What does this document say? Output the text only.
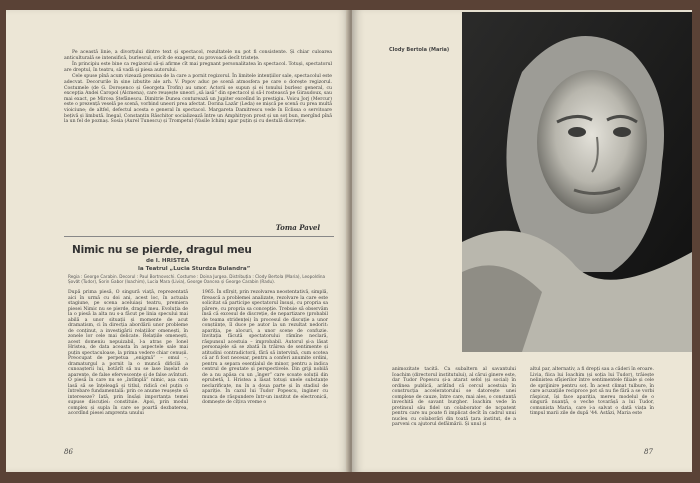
Pe această linie, a divorțului dintre text și spectacol, rezultatele nu pot fi consistente. Și chiar culoarea anticulturală se intensifică, burlescul, oricît de exagerat, nu provoacă decît tristețe.

În principiu este bine ca regizorul să-și afirme cît mai pregnant personalitatea în spectacol. Totuși, spectatorul are dreptul, în teatru, să vadă și piesa autorului.

Cele spuse pînă acum vizează premisa de la care a pornit regizorul. În limitele intențiilor sale, spectacolul este adecvat. Decorurile în sine izbutite ale arh. V. Popov aduc pe scenă atmosfera pe care o dorește regizorul. Costumele (de G. Doroșenco și Georgeta Trofin) au umor. Actorii se supun și ei tonului burlesc general, cu excepția Andei Caropol (Alcmena), care reușește uneori „să iasă” din spectacol și să-l rostească pe Giraudoux, sau mai exact, pe Mircea Ștefănescu. Dimitrie Dunea conturează un Jupiter excelînd în prestigiu. Voicu Jorj (Mercur) este o prezență veselă pe scenă, vorbind uneori prea afectat. Dorina Lazăr (Leda) se mișcă pe scenă cu prea multă vioiciune; de altfel, defectul acesta e general în spectacol. Margareta Damitrescu vede în Eclissa o servitoare bețivă și limbută. Inegal, Constantin Răschitor socializează între un Amphitryon prost și un soț bun, mergînd pînă la un fel de poznaș. Sosia (Aurel Tunescu) și Trompetul (Vasile Ichim) apar puțin și cu destulă discreție.

Toma Pavel
Nimic nu se pierde, dragul meu
de I. HRISTEA
la Teatrul „Lucia Sturdza Bulandra”
Regia : George Carabin. Decorul : Paul Bortnovschi. Costume : Doina Jurgea. Distribuția : Clody Bertola (Maria), Leopoldina Șovăt (Tudor), Sorin Gabor (Ioachim), Lucia Mara (Livia), George Oancea și George Carabin (Radu).
După prima piesă, O singură viață, reprezentată aici în urmă cu doi ani, acest loc, în actuala stagiune, pe scena aceluiași teatru, premiera piesei Nimic nu se pierde, dragul meu. Evoluția de la o piesă la alta nu s-a făcut pe linia specului mai abilă a unor situații și momente de acut dramatism, ci în direcția abordării unor probleme de conținut, a investigării relațiilor omenești, în zonele lor cele mai delicate. Relațiile omenești, acest domeniu nepuizabil, l-a atras pe Ionel Hristea, de data aceasta în aspectele sale mai puțin spectaculoase, la prima vedere chiar cenușii. Preocupat de perpetua „enigmă” – omul –, dramaturgul a pornit la o muncă dificilă a cunoașterii lui, botărît să nu se lase înșelat de aparențe, de false efervescențe și de false avînturi. O piesă în care nu se „întîmplă” nimic, așa cum lasă să se înțeleagă și titlul, ridică cel puțin o întrebare fundamentală: prin ce anume reușește să intereseze? Iată, prin însăși importanța temei supuse discuției: constituie. Apoi, prin modul complex și supla în care se poartă dezbaterea, acordînd piesei amprenta unului
1965. În sfîrșit, prin rezolvarea neostentativă, simplă, firească a problemei analizate, rezolvare la care este solicitat să participe spectatorul însuși, cu propria sa părere, cu propria sa concepție. Trebuie să observăm însă că excesul de discreție, de nepartizare (probabil de teama stridenței) în procesul de discuție a unor conștiințe, îl duce pe autor la un rezultat nedorit: apariția, pe alocuri, a unor scene de confuzie. Invitația făcută spectatorului rămîne neclară, răspunsul acestuia – improbabil. Autorul și-a lăsat personajele să se zbată în trăirea de sentimente și atitudini contradictorii, fără să intervină, cum scotea că ar fi fost necesar, pentru a conferi anumite ordini, pentru a separa esențialul de minor, pentru a indica centrul de greutate și perspectivele. Din griji nobilă de a nu apăsa cu un „înger” care scoate soluții din eprubetă, I. Hristea a lăsat totuși unele substanțe neclarificate, nu în a doua parte și în stadiul de apariție. În cazul lui Tudor Popescu, inginer cu munca de răspundere într-un institut de electronică, domnește de cîțiva vreme o
86
Clody Bertola (Maria)
animozitate tacită. Ca subaltern al savantului Ioachim (directorul institutului), al cărui ginere este, dar Tudor Popescu și-a atarat sefol (și social) în ordinea publică, arătînd că cercul acestuia în construcția acceleratorului se datorește unei complexe de cauze, între care, mai ales, o constantă invechită de savant burgher. Ioachim vede în pretinsul său fidel un colaborator de ncpatent pentru care nu poate fi implicat decît în cadrul unui nucleu cu colaborări din toată țara institut, de a parveni cu ajutorul defăimării. Și unul și
altul par, alternativ, a fi drepți sau a căderi în eroare. Livia, fiica lui Ioachim (și soția lui Tudor), trăiește nelinistea sfîșierilor între sentimentele filiale și cele de sprijinire pentru soț. În acest climat tulbure, în care acuzațiile reciproce pot să nu fie fără a se vorbi răspicat, își face apariția, mereu modelul de o singură nuanță, o veche tovarășă a lui Tudor, comunista Maria, care i-a salvat o dată viața în timpul marii zile de după '44. Astăzi, Maria este
87
